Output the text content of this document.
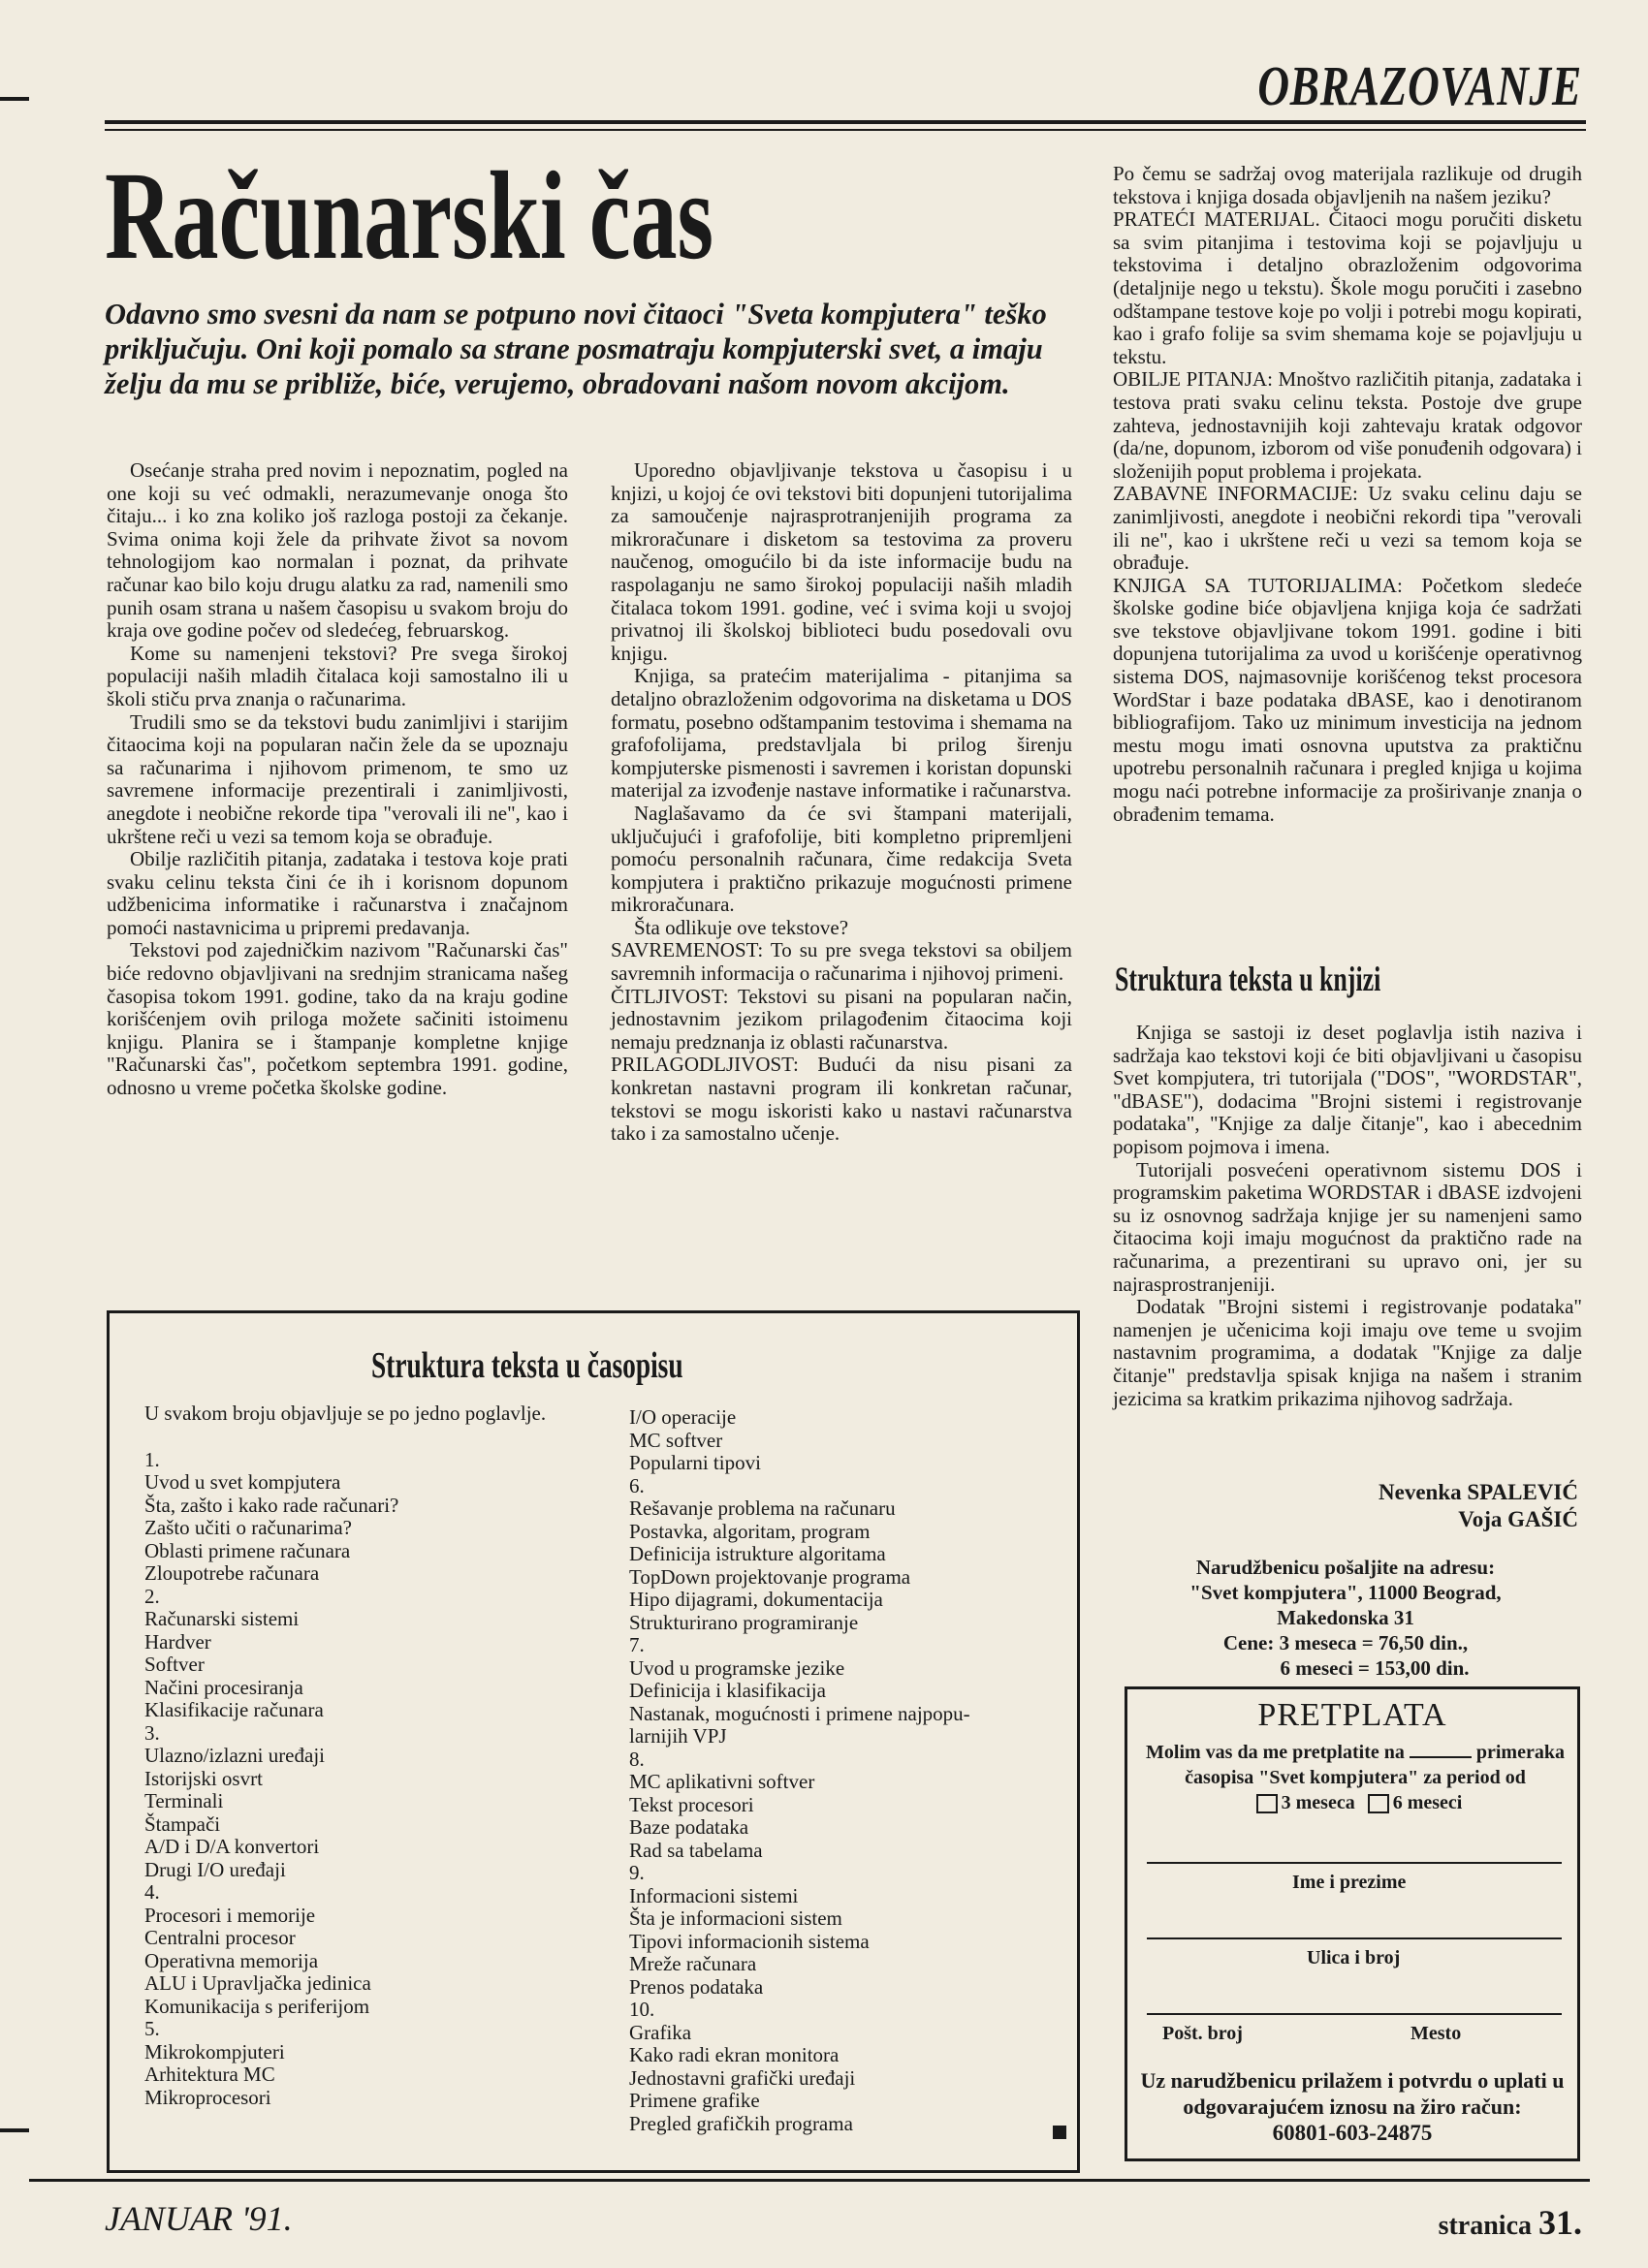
OBRAZOVANJE
Računarski čas
Odavno smo svesni da nam se potpuno novi čitaoci "Sveta kompjutera" teško priključuju. Oni koji pomalo sa strane posmatraju kompjuterski svet, a imaju želju da mu se približe, biće, verujemo, obradovani našom novom akcijom.

Osećanje straha pred novim i nepoznatim, pogled na one koji su već odmakli, nerazumevanje onoga što čitaju... i ko zna koliko još razloga postoji za čekanje. Svima onima koji žele da prihvate život sa novom tehnologijom kao normalan i poznat, da prihvate računar kao bilo koju drugu alatku za rad, namenili smo punih osam strana u našem časopisu u svakom broju do kraja ove godine počev od sledećeg, februarskog.

Kome su namenjeni tekstovi? Pre svega širokoj populaciji naših mladih čitalaca koji samostalno ili u školi stiču prva znanja o računarima.

Trudili smo se da tekstovi budu zanimljivi i starijim čitaocima koji na popularan način žele da se upoznaju sa računarima i njihovom primenom, te smo uz savremene informacije prezentirali i zanimljivosti, anegdote i neobične rekorde tipa "verovali ili ne", kao i ukrštene reči u vezi sa temom koja se obrađuje.

Obilje različitih pitanja, zadataka i testova koje prati svaku celinu teksta čini će ih i korisnom dopunom udžbenicima informatike i računarstva i značajnom pomoći nastavnicima u pripremi predavanja.

Tekstovi pod zajedničkim nazivom "Računarski čas" biće redovno objavljivani na srednjim stranicama našeg časopisa tokom 1991. godine, tako da na kraju godine korišćenjem ovih priloga možete sačiniti istoimenu knjigu. Planira se i štampanje kompletne knjige "Računarski čas", početkom septembra 1991. godine, odnosno u vreme početka školske godine.

Uporedno objavljivanje tekstova u časopisu i u knjizi, u kojoj će ovi tekstovi biti dopunjeni tutorijalima za samoučenje najrasprotranjenijih programa za mikroračunare i disketom sa testovima za proveru naučenog, omogućilo bi da iste informacije budu na raspolaganju ne samo širokoj populaciji naših mladih čitalaca tokom 1991. godine, već i svima koji u svojoj privatnoj ili školskoj biblioteci budu posedovali ovu knjigu.

Knjiga, sa pratećim materijalima - pitanjima sa detaljno obrazloženim odgovorima na disketama u DOS formatu, posebno odštampanim testovima i shemama na grafofolijama, predstavljala bi prilog širenju kompjuterske pismenosti i savremen i koristan dopunski materijal za izvođenje nastave informatike i računarstva.

Naglašavamo da će svi štampani materijali, uključujući i grafofolije, biti kompletno pripremljeni pomoću personalnih računara, čime redakcija Sveta kompjutera i praktično prikazuje mogućnosti primene mikroračunara.

Šta odlikuje ove tekstove?

SAVREMENOST: To su pre svega tekstovi sa obiljem savremnih informacija o računarima i njihovoj primeni.

ČITLJIVOST: Tekstovi su pisani na popularan način, jednostavnim jezikom prilagođenim čitaocima koji nemaju predznanja iz oblasti računarstva.

PRILAGODLJIVOST: Budući da nisu pisani za konkretan nastavni program ili konkretan računar, tekstovi se mogu iskoristi kako u nastavi računarstva tako i za samostalno učenje.

Po čemu se sadržaj ovog materijala razlikuje od drugih tekstova i knjiga dosada objavljenih na našem jeziku?

PRATEĆI MATERIJAL. Čitaoci mogu poručiti disketu sa svim pitanjima i testovima koji se pojavljuju u tekstovima i detaljno obrazloženim odgovorima (detaljnije nego u tekstu). Škole mogu poručiti i zasebno odštampane testove koje po volji i potrebi mogu kopirati, kao i grafo folije sa svim shemama koje se pojavljuju u tekstu.

OBILJE PITANJA: Mnoštvo različitih pitanja, zadataka i testova prati svaku celinu teksta. Postoje dve grupe zahteva, jednostavnijih koji zahtevaju kratak odgovor (da/ne, dopunom, izborom od više ponuđenih odgovara) i složenijih poput problema i projekata.

ZABAVNE INFORMACIJE: Uz svaku celinu daju se zanimljivosti, anegdote i neobični rekordi tipa "verovali ili ne", kao i ukrštene reči u vezi sa temom koja se obrađuje.

KNJIGA SA TUTORIJALIMA: Početkom sledeće školske godine biće objavljena knjiga koja će sadržati sve tekstove objavljivane tokom 1991. godine i biti dopunjena tutorijalima za uvod u korišćenje operativnog sistema DOS, najmasovnije korišćenog tekst procesora WordStar i baze podataka dBASE, kao i denotiranom bibliografijom. Tako uz minimum investicija na jednom mestu mogu imati osnovna uputstva za praktičnu upotrebu personalnih računara i pregled knjiga u kojima mogu naći potrebne informacije za proširivanje znanja o obrađenim temama.

Struktura teksta u knjizi

Knjiga se sastoji iz deset poglavlja istih naziva i sadržaja kao tekstovi koji će biti objavljivani u časopisu Svet kompjutera, tri tutorijala ("DOS", "WORDSTAR", "dBASE"), dodacima "Brojni sistemi i registrovanje podataka", "Knjige za dalje čitanje", kao i abecednim popisom pojmova i imena.

Tutorijali posvećeni operativnom sistemu DOS i programskim paketima WORDSTAR i dBASE izdvojeni su iz osnovnog sadržaja knjige jer su namenjeni samo čitaocima koji imaju mogućnost da praktično rade na računarima, a prezentirani su upravo oni, jer su najrasprostranjeniji.

Dodatak "Brojni sistemi i registrovanje podataka" namenjen je učenicima koji imaju ove teme u svojim nastavnim programima, a dodatak "Knjige za dalje čitanje" predstavlja spisak knjiga na našem i stranim jezicima sa kratkim prikazima njihovog sadržaja.

Nevenka SPALEVIĆ
Voja GAŠIĆ
Narudžbenicu pošaljite na adresu:
"Svet kompjutera", 11000 Beograd,
Makedonska 31
Cene: 3 meseca = 76,50 din.,
6 meseci = 153,00 din.
Struktura teksta u časopisu
U svakom broju objavljuje se po jedno poglavlje.
1.
Uvod u svet kompjutera
Šta, zašto i kako rade računari?
Zašto učiti o računarima?
Oblasti primene računara
Zloupotrebe računara
2.
Računarski sistemi
Hardver
Softver
Načini procesiranja
Klasifikacije računara
3.
Ulazno/izlazni uređaji
Istorijski osvrt
Terminali
Štampači
A/D i D/A konvertori
Drugi I/O uređaji
4.
Procesori i memorije
Centralni procesor
Operativna memorija
ALU i Upravljačka jedinica
Komunikacija s periferijom
5.
Mikrokompjuteri
Arhitektura MC
Mikroprocesori
I/O operacije
MC softver
Popularni tipovi
6.
Rešavanje problema na računaru
Postavka, algoritam, program
Definicija istrukture algoritama
TopDown projektovanje programa
Hipo dijagrami, dokumentacija
Strukturirano programiranje
7.
Uvod u programske jezike
Definicija i klasifikacija
Nastanak, mogućnosti i primene najpopu-
larnijih VPJ
8.
MC aplikativni softver
Tekst procesori
Baze podataka
Rad sa tabelama
9.
Informacioni sistemi
Šta je informacioni sistem
Tipovi informacionih sistema
Mreže računara
Prenos podataka
10.
Grafika
Kako radi ekran monitora
Jednostavni grafički uređaji
Primene grafike
Pregled grafičkih programa
PRETPLATA
Molim vas da me pretplatite na	primeraka
časopisa "Svet kompjutera" za period od
3 meseca 6 meseci
Ime i prezime
Ulica i broj
Pošt. broj	Mesto
Uz narudžbenicu prilažem i potvrdu o uplati u odgovarajućem iznosu na žiro račun:
60801-603-24875
JANUAR '91.	stranica 31.
